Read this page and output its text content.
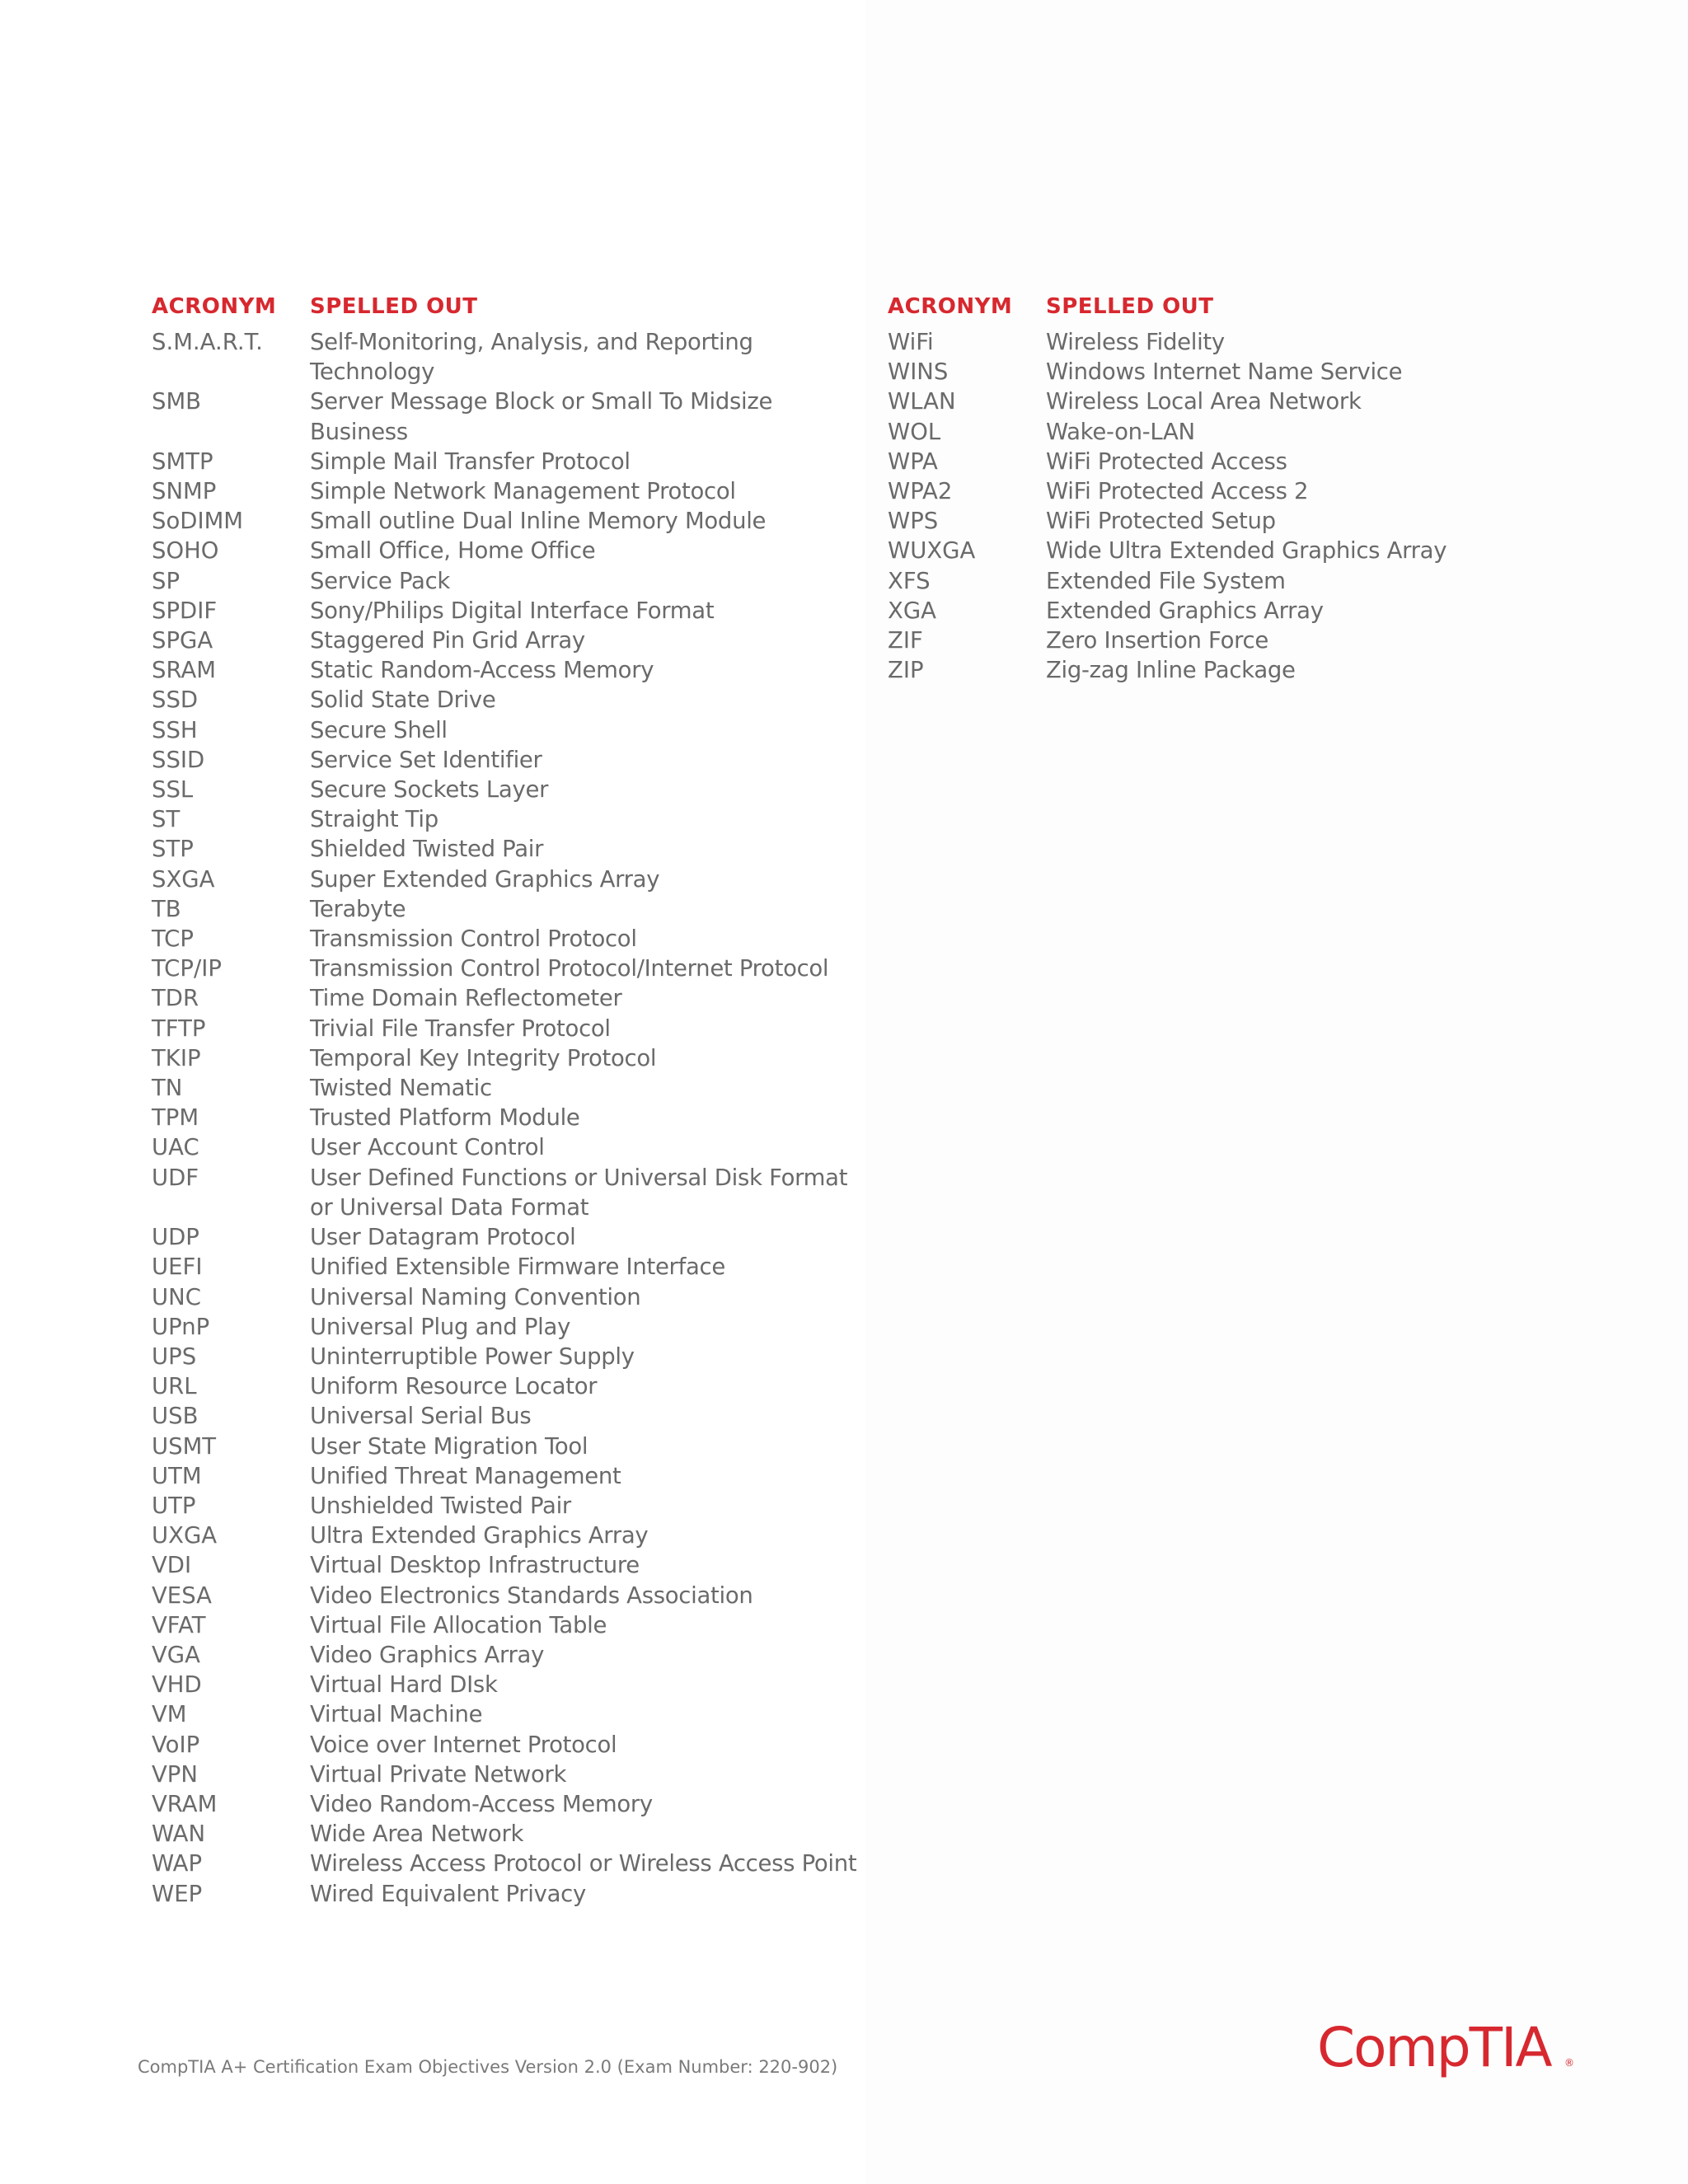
ACRONYM	SPELLED OUT
S.M.A.R.T.	Self-Monitoring, Analysis, and Reporting Technology
SMB	Server Message Block or Small To Midsize Business
SMTP	Simple Mail Transfer Protocol
SNMP	Simple Network Management Protocol
SoDIMM	Small outline Dual Inline Memory Module
SOHO	Small Office, Home Office
SP	Service Pack
SPDIF	Sony/Philips Digital Interface Format
SPGA	Staggered Pin Grid Array
SRAM	Static Random-Access Memory
SSD	Solid State Drive
SSH	Secure Shell
SSID	Service Set Identifier
SSL	Secure Sockets Layer
ST	Straight Tip
STP	Shielded Twisted Pair
SXGA	Super Extended Graphics Array
TB	Terabyte
TCP	Transmission Control Protocol
TCP/IP	Transmission Control Protocol/Internet Protocol
TDR	Time Domain Reflectometer
TFTP	Trivial File Transfer Protocol
TKIP	Temporal Key Integrity Protocol
TN	Twisted Nematic
TPM	Trusted Platform Module
UAC	User Account Control
UDF	User Defined Functions or Universal Disk Format
or Universal Data Format
UDP	User Datagram Protocol
UEFI	Unified Extensible Firmware Interface
UNC	Universal Naming Convention
UPnP	Universal Plug and Play
UPS	Uninterruptible Power Supply
URL	Uniform Resource Locator
USB	Universal Serial Bus
USMT	User State Migration Tool
UTM	Unified Threat Management
UTP	Unshielded Twisted Pair
UXGA	Ultra Extended Graphics Array
VDI	Virtual Desktop Infrastructure
VESA	Video Electronics Standards Association
VFAT	Virtual File Allocation Table
VGA	Video Graphics Array
VHD	Virtual Hard DIsk
VM	Virtual Machine
VoIP	Voice over Internet Protocol
VPN	Virtual Private Network
VRAM	Video Random-Access Memory
WAN	Wide Area Network
WAP	Wireless Access Protocol or Wireless Access Point
WEP	Wired Equivalent Privacy
ACRONYM	SPELLED OUT
WiFi	Wireless Fidelity
WINS	Windows Internet Name Service
WLAN	Wireless Local Area Network
WOL	Wake-on-LAN
WPA	WiFi Protected Access
WPA2	WiFi Protected Access 2
WPS	WiFi Protected Setup
WUXGA	Wide Ultra Extended Graphics Array
XFS	Extended File System
XGA	Extended Graphics Array
ZIF	Zero Insertion Force
ZIP	Zig-zag Inline Package
CompTIA A+ Certification Exam Objectives Version 2.0 (Exam Number: 220-902)	CompTIA ®
